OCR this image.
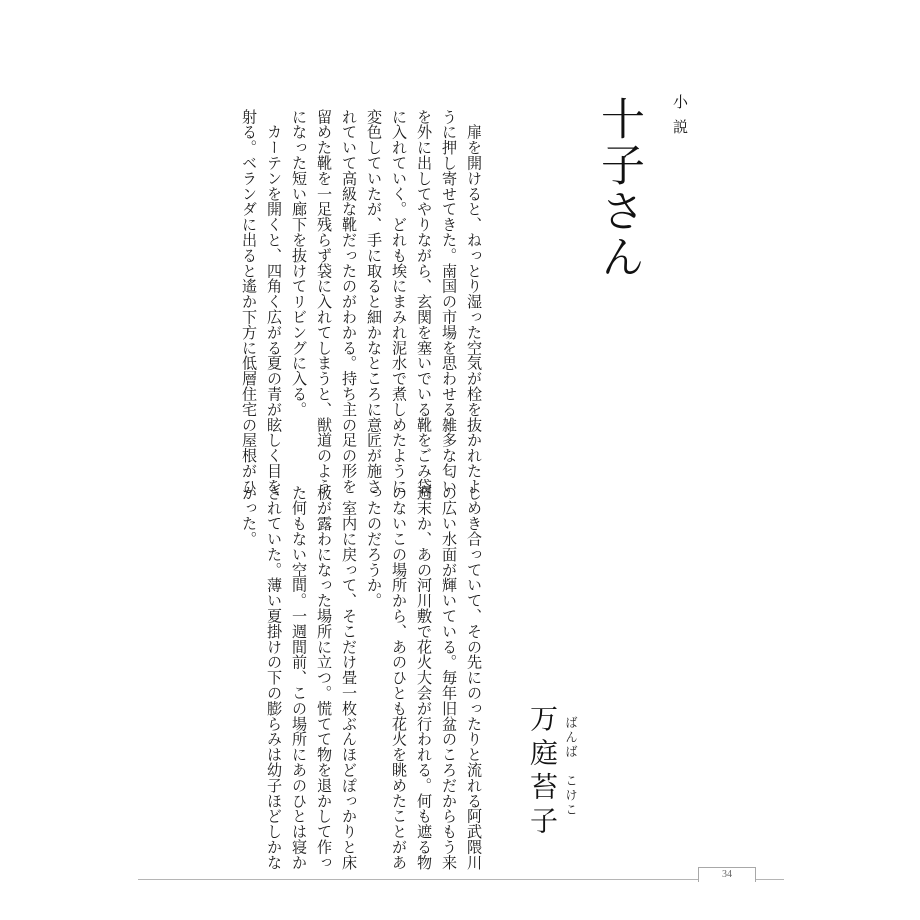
小説
十子さん
ばんば　こけこ
万庭苔子
　扉を開けると、ねっとり湿った空気が栓を抜かれたよ
うに押し寄せてきた。南国の市場を思わせる雑多な匂い
を外に出してやりながら、玄関を塞いでいる靴をごみ袋
に入れていく。どれも埃にまみれ泥水で煮しめたように
変色していたが、手に取ると細かなところに意匠が施さ
れていて高級な靴だったのがわかる。持ち主の足の形を
留めた靴を一足残らず袋に入れてしまうと、獣道のよう
になった短い廊下を抜けてリビングに入る。
　カーテンを開くと、四角く広がる夏の青が眩しく目を
射る。ベランダに出ると遙か下方に低層住宅の屋根がひ
しめき合っていて、その先にのったりと流れる阿武隈川
の広い水面が輝いている。毎年旧盆のころだからもう来
週末か、あの河川敷で花火大会が行われる。何も遮る物
のないこの場所から、あのひとも花火を眺めたことがあ
ったのだろうか。
　室内に戻って、そこだけ畳一枚ぶんほどぽっかりと床
板が露わになった場所に立つ。慌てて物を退かして作っ
た何もない空間。一週間前、この場所にあのひとは寝か
されていた。薄い夏掛けの下の膨らみは幼子ほどしかな
かった。
34
